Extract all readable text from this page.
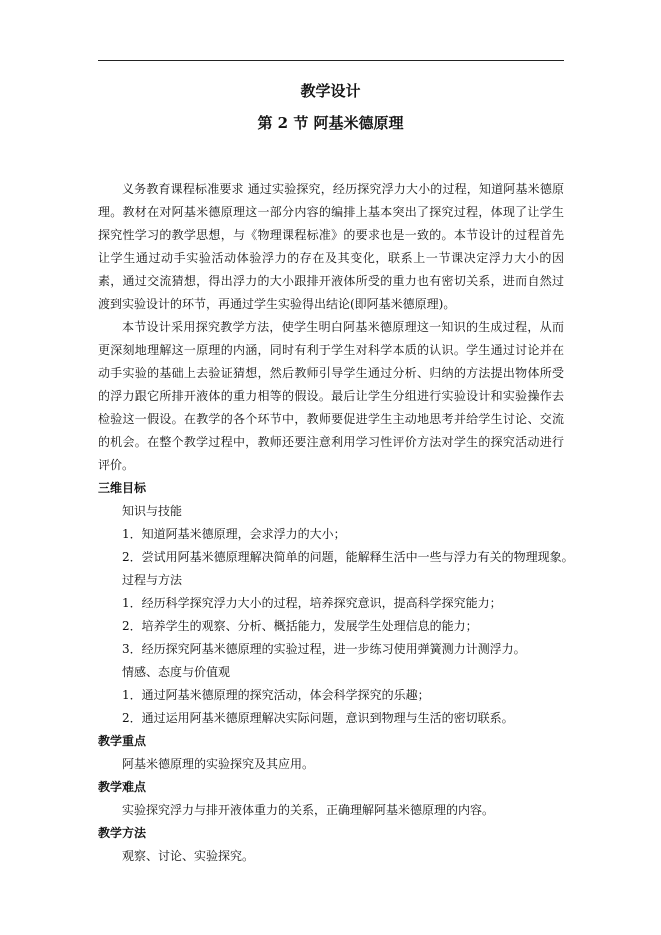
教学设计
第 2 节 阿基米德原理

义务教育课程标准要求 通过实验探究，经历探究浮力大小的过程，知道阿基米德原理。教材在对阿基米德原理这一部分内容的编排上基本突出了探究过程，体现了让学生探究性学习的教学思想，与《物理课程标准》的要求也是一致的。本节设计的过程首先让学生通过动手实验活动体验浮力的存在及其变化，联系上一节课决定浮力大小的因素，通过交流猜想，得出浮力的大小跟排开液体所受的重力也有密切关系，进而自然过渡到实验设计的环节，再通过学生实验得出结论(即阿基米德原理)。

本节设计采用探究教学方法，使学生明白阿基米德原理这一知识的生成过程，从而更深刻地理解这一原理的内涵，同时有利于学生对科学本质的认识。学生通过讨论并在动手实验的基础上去验证猜想，然后教师引导学生通过分析、归纳的方法提出物体所受的浮力跟它所排开液体的重力相等的假设。最后让学生分组进行实验设计和实验操作去检验这一假设。在教学的各个环节中，教师要促进学生主动地思考并给学生讨论、交流的机会。在整个教学过程中，教师还要注意利用学习性评价方法对学生的探究活动进行评价。

三维目标

知识与技能

1．知道阿基米德原理，会求浮力的大小；

2．尝试用阿基米德原理解决简单的问题，能解释生活中一些与浮力有关的物理现象。

过程与方法

1．经历科学探究浮力大小的过程，培养探究意识，提高科学探究能力；

2．培养学生的观察、分析、概括能力，发展学生处理信息的能力；

3．经历探究阿基米德原理的实验过程，进一步练习使用弹簧测力计测浮力。

情感、态度与价值观

1．通过阿基米德原理的探究活动，体会科学探究的乐趣；

2．通过运用阿基米德原理解决实际问题，意识到物理与生活的密切联系。

教学重点

阿基米德原理的实验探究及其应用。

教学难点

实验探究浮力与排开液体重力的关系，正确理解阿基米德原理的内容。

教学方法

观察、讨论、实验探究。
